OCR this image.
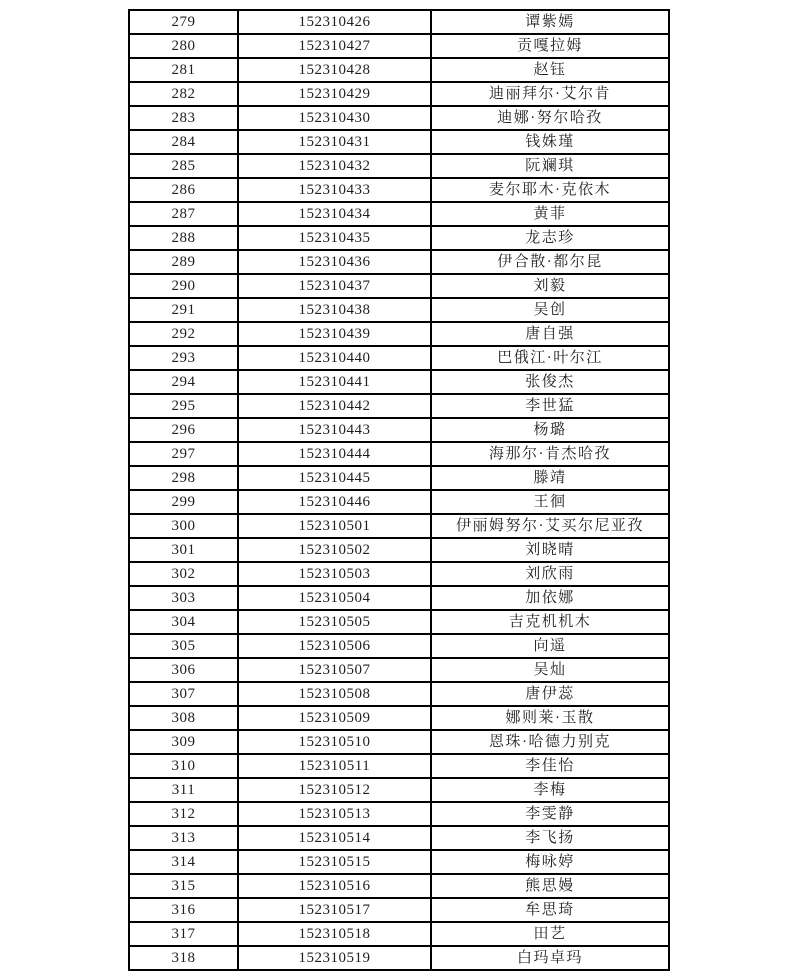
279	152310426	谭紫嫣
280	152310427	贡嘎拉姆
281	152310428	赵钰
282	152310429	迪丽拜尔·艾尔肯
283	152310430	迪娜·努尔哈孜
284	152310431	钱姝瑾
285	152310432	阮斓琪
286	152310433	麦尔耶木·克依木
287	152310434	黄菲
288	152310435	龙志珍
289	152310436	伊合散·都尔昆
290	152310437	刘毅
291	152310438	吴创
292	152310439	唐自强
293	152310440	巴俄江·叶尔江
294	152310441	张俊杰
295	152310442	李世猛
296	152310443	杨璐
297	152310444	海那尔·肯杰哈孜
298	152310445	滕靖
299	152310446	王徊
300	152310501	伊丽姆努尔·艾买尔尼亚孜
301	152310502	刘晓晴
302	152310503	刘欣雨
303	152310504	加依娜
304	152310505	吉克机机木
305	152310506	向遥
306	152310507	吴灿
307	152310508	唐伊蕊
308	152310509	娜则莱·玉散
309	152310510	恩珠·哈德力别克
310	152310511	李佳怡
311	152310512	李梅
312	152310513	李雯静
313	152310514	李飞扬
314	152310515	梅咏婷
315	152310516	熊思嫚
316	152310517	牟思琦
317	152310518	田艺
318	152310519	白玛卓玛
